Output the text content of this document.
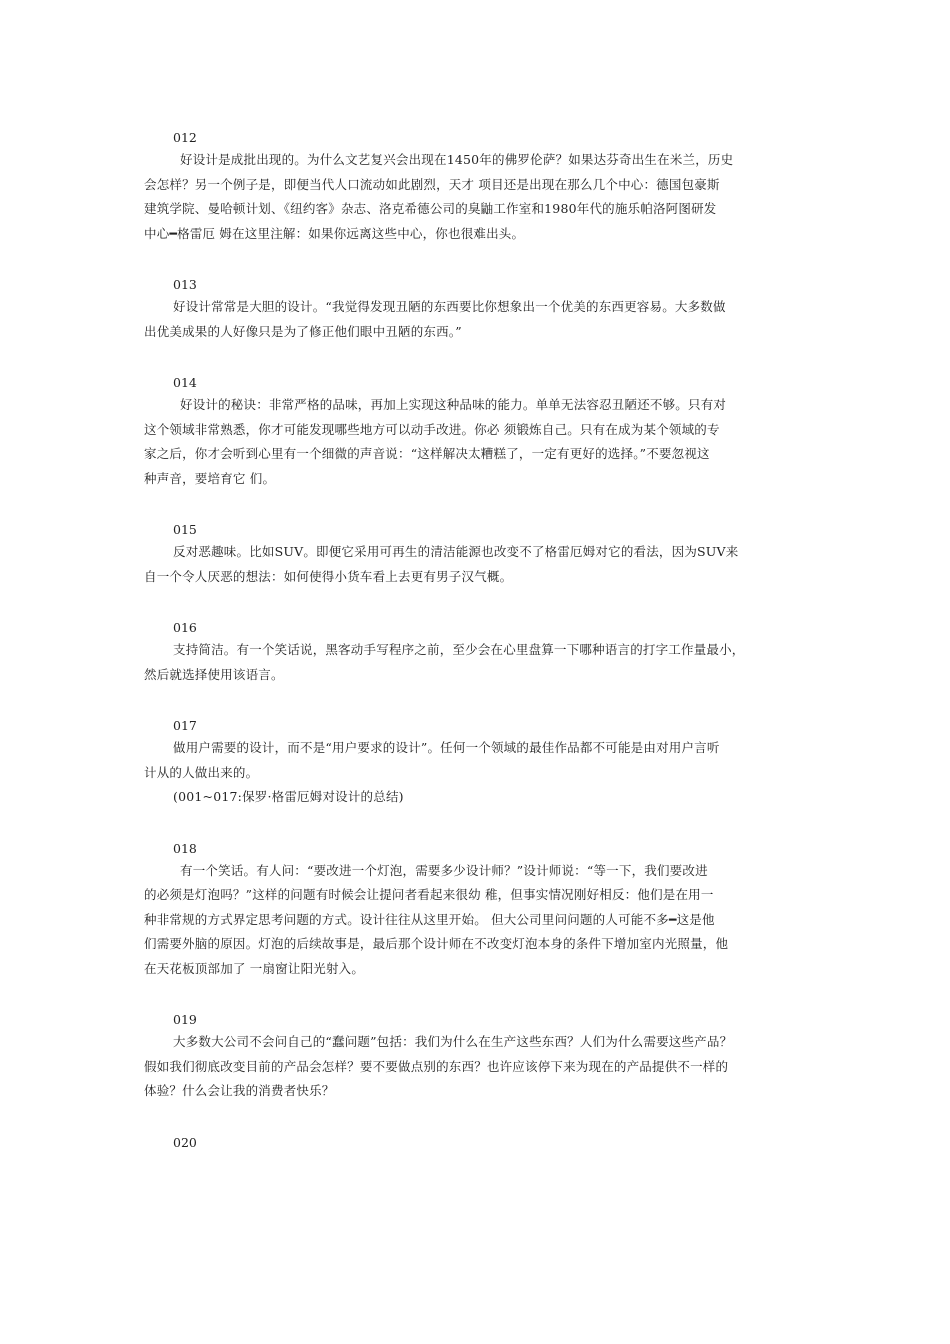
012

好设计是成批出现的。为什么文艺复兴会出现在1450年的佛罗伦萨？如果达芬奇出生在米兰，历史

会怎样？另一个例子是，即便当代人口流动如此剧烈，天才 项目还是出现在那么几个中心：德国包豪斯

建筑学院、曼哈顿计划、《纽约客》杂志、洛克希德公司的臭鼬工作室和1980年代的施乐帕洛阿图研发

中心━格雷厄 姆在这里注解：如果你远离这些中心，你也很难出头。

013

好设计常常是大胆的设计。“我觉得发现丑陋的东西要比你想象出一个优美的东西更容易。大多数做

出优美成果的人好像只是为了修正他们眼中丑陋的东西。”

014

好设计的秘诀：非常严格的品味，再加上实现这种品味的能力。单单无法容忍丑陋还不够。只有对

这个领域非常熟悉，你才可能发现哪些地方可以动手改进。你必 须锻炼自己。只有在成为某个领域的专

家之后，你才会听到心里有一个细微的声音说：“这样解决太糟糕了，一定有更好的选择。”不要忽视这

种声音，要培育它 们。

015

反对恶趣味。比如SUV。即便它采用可再生的清洁能源也改变不了格雷厄姆对它的看法，因为SUV来

自一个令人厌恶的想法：如何使得小货车看上去更有男子汉气概。

016

支持简洁。有一个笑话说，黑客动手写程序之前，至少会在心里盘算一下哪种语言的打字工作量最小，

然后就选择使用该语言。

017

做用户需要的设计，而不是“用户要求的设计”。任何一个领域的最佳作品都不可能是由对用户言听

计从的人做出来的。

(001~017:保罗·格雷厄姆对设计的总结)

018

有一个笑话。有人问：“要改进一个灯泡，需要多少设计师？”设计师说：“等一下，我们要改进

的必须是灯泡吗？”这样的问题有时候会让提问者看起来很幼 稚，但事实情况刚好相反：他们是在用一

种非常规的方式界定思考问题的方式。设计往往从这里开始。 但大公司里问问题的人可能不多━这是他

们需要外脑的原因。灯泡的后续故事是，最后那个设计师在不改变灯泡本身的条件下增加室内光照量，他

在天花板顶部加了 一扇窗让阳光射入。

019

大多数大公司不会问自己的“蠢问题”包括：我们为什么在生产这些东西？人们为什么需要这些产品？

假如我们彻底改变目前的产品会怎样？要不要做点别的东西？也许应该停下来为现在的产品提供不一样的

体验？什么会让我的消费者快乐？

020
